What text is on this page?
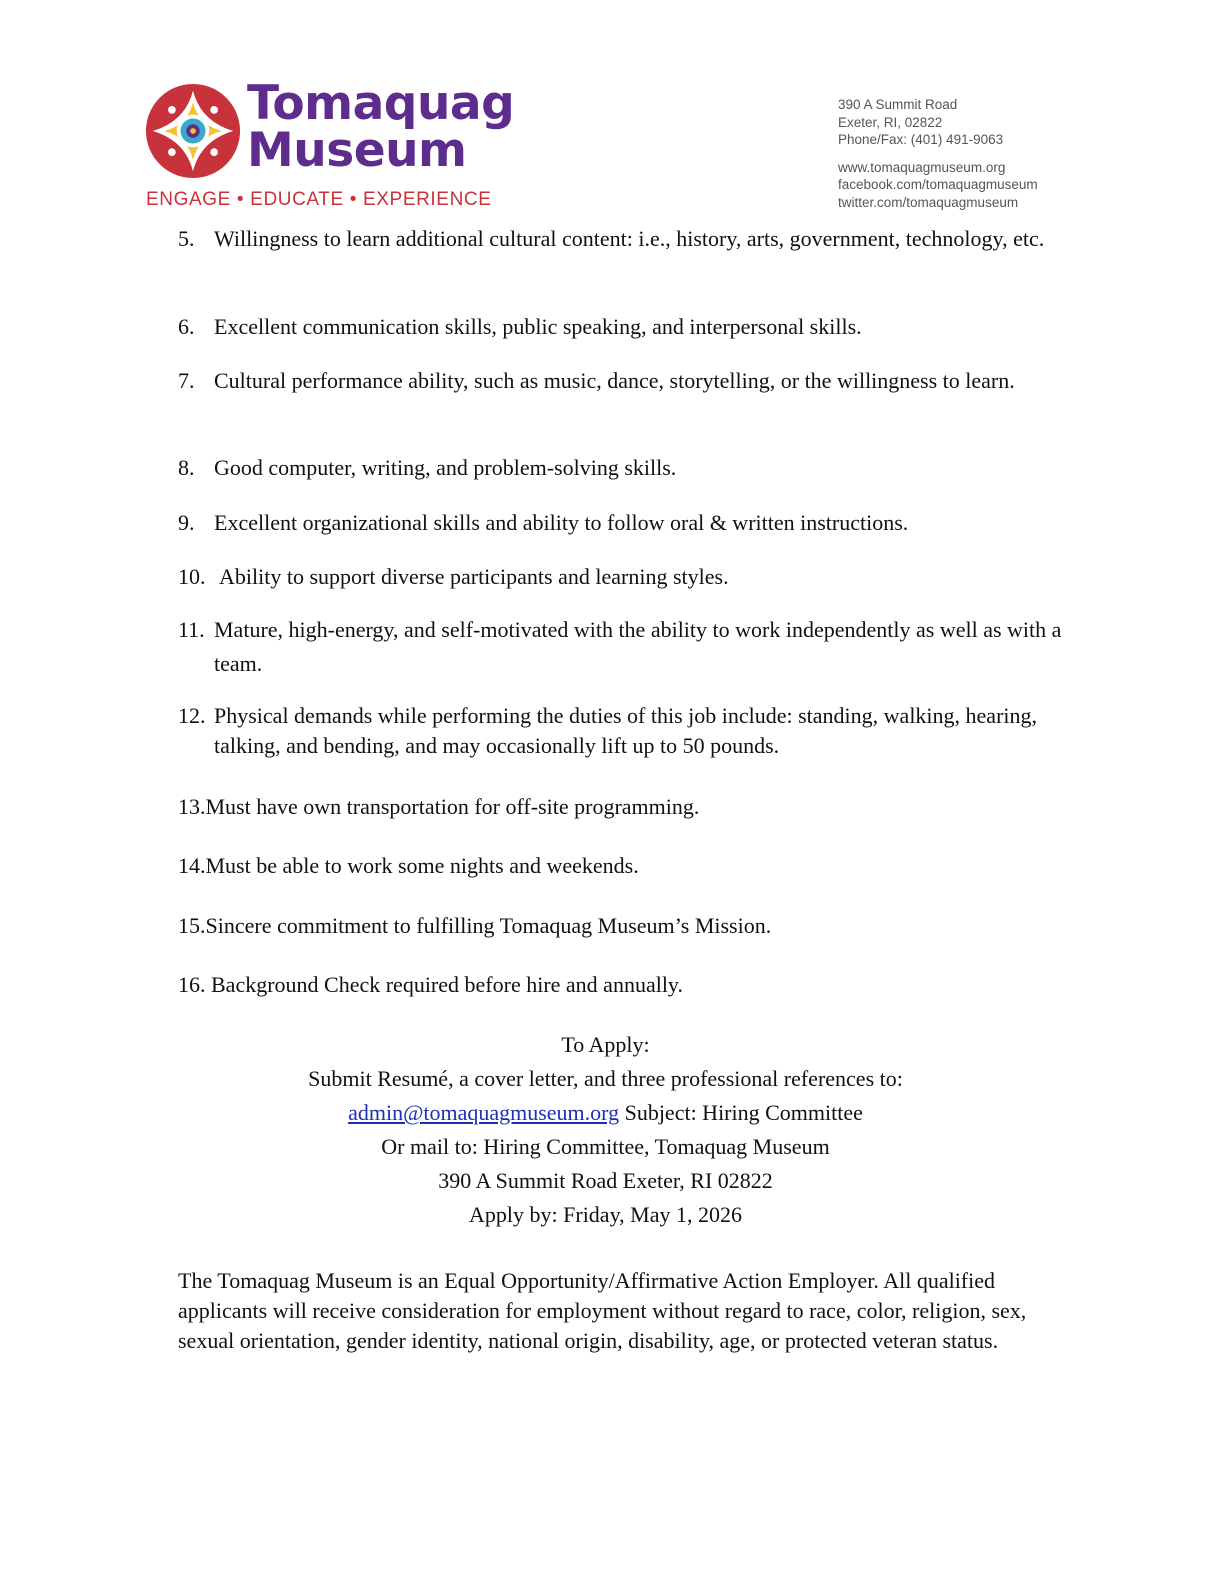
Tomaquag
Museum
ENGAGE • EDUCATE • EXPERIENCE
390 A Summit Road
Exeter, RI, 02822
Phone/Fax: (401) 491-9063
www.tomaquagmuseum.org
facebook.com/tomaquagmuseum
twitter.com/tomaquagmuseum
5. Willingness to learn additional cultural content: i.e., history, arts, government, technology, etc.
6. Excellent communication skills, public speaking, and interpersonal skills.
7. Cultural performance ability, such as music, dance, storytelling, or the willingness to learn.
8. Good computer, writing, and problem-solving skills.
9. Excellent organizational skills and ability to follow oral & written instructions.
10. Ability to support diverse participants and learning styles.
11. Mature, high-energy, and self-motivated with the ability to work independently as well as with a team.
12. Physical demands while performing the duties of this job include: standing, walking, hearing, talking, and bending, and may occasionally lift up to 50 pounds.
13.Must have own transportation for off-site programming.
14.Must be able to work some nights and weekends.
15.Sincere commitment to fulfilling Tomaquag Museum’s Mission.
16. Background Check required before hire and annually.
To Apply:
Submit Resumé, a cover letter, and three professional references to:
admin@tomaquagmuseum.org Subject: Hiring Committee
Or mail to: Hiring Committee, Tomaquag Museum
390 A Summit Road Exeter, RI 02822
Apply by: Friday, May 1, 2026
The Tomaquag Museum is an Equal Opportunity/Affirmative Action Employer. All qualified applicants will receive consideration for employment without regard to race, color, religion, sex, sexual orientation, gender identity, national origin, disability, age, or protected veteran status.
